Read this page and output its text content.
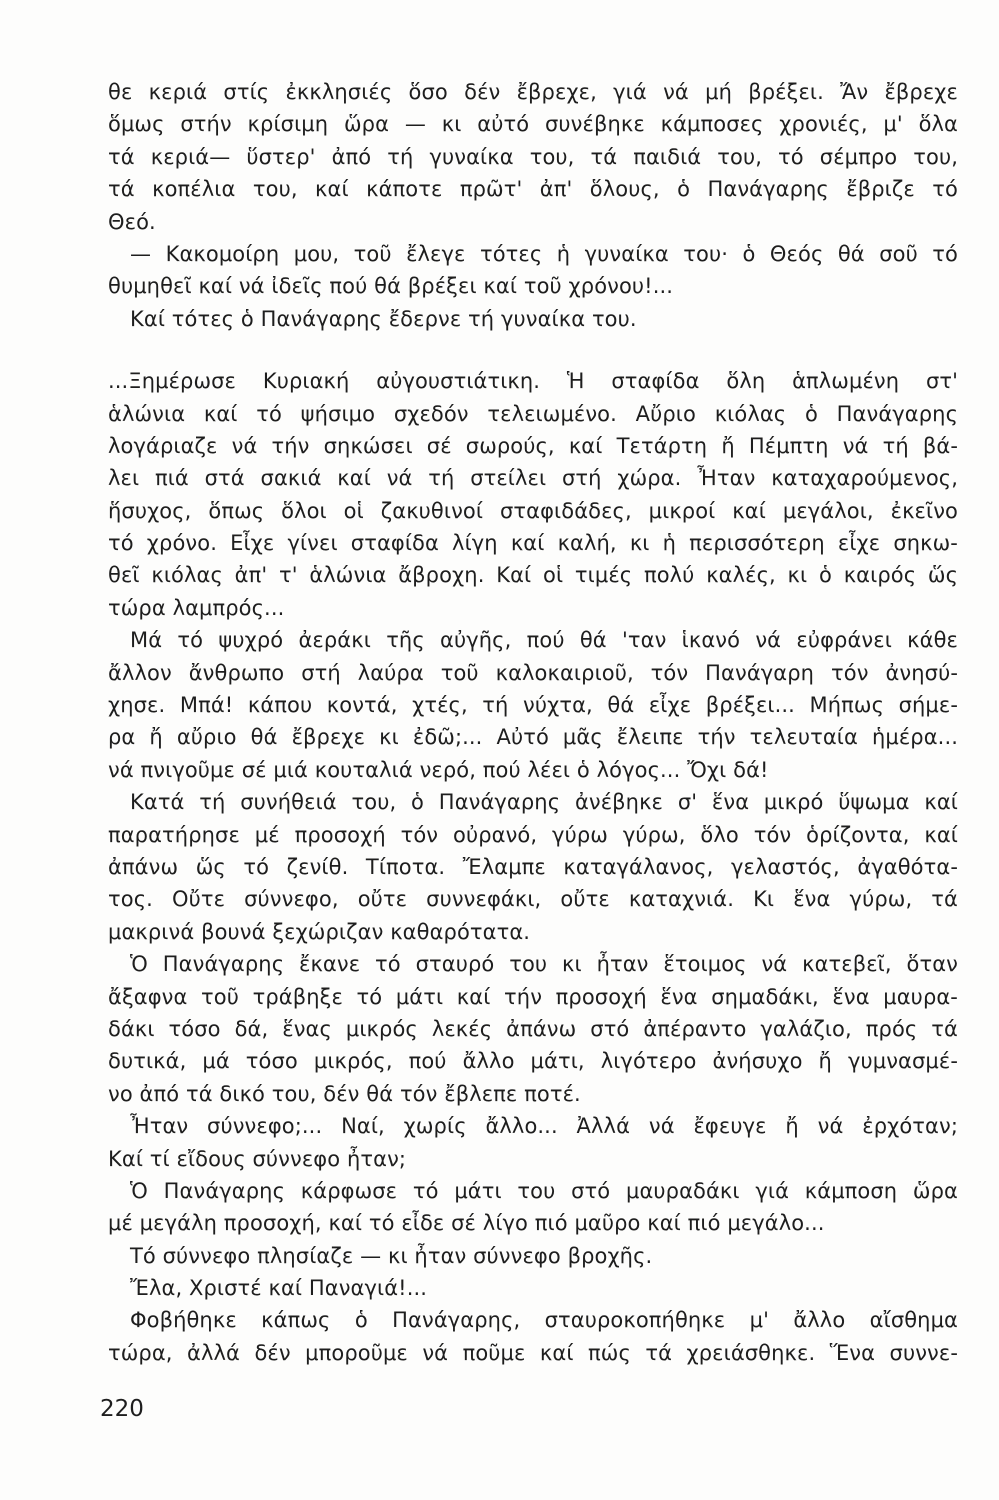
θε κεριά στίς ἐκκλησιές ὅσο δέν ἔβρεχε, γιά νά μή βρέξει. Ἄν ἔβρεχε
ὅμως στήν κρίσιμη ὥρα — κι αὐτό συνέβηκε κάμποσες χρονιές, μ' ὅλα
τά κεριά— ὕστερ' ἀπό τή γυναίκα του, τά παιδιά του, τό σέμπρο του,
τά κοπέλια του, καί κάποτε πρῶτ' ἀπ' ὅλους, ὁ Πανάγαρης ἔβριζε τό
Θεό.
— Κακομοίρη μου, τοῦ ἔλεγε τότες ἡ γυναίκα του· ὁ Θεός θά σοῦ τό
θυμηθεῖ καί νά ἰδεῖς πού θά βρέξει καί τοῦ χρόνου!...
Καί τότες ὁ Πανάγαρης ἔδερνε τή γυναίκα του.
...Ξημέρωσε Κυριακή αὐγουστιάτικη. Ἡ σταφίδα ὅλη ἁπλωμένη στ'
ἁλώνια καί τό ψήσιμο σχεδόν τελειωμένο. Αὔριο κιόλας ὁ Πανάγαρης
λογάριαζε νά τήν σηκώσει σέ σωρούς, καί Τετάρτη ἤ Πέμπτη νά τή βά-
λει πιά στά σακιά καί νά τή στείλει στή χώρα. Ἦταν καταχαρούμενος,
ἥσυχος, ὅπως ὅλοι οἱ ζακυθινοί σταφιδάδες, μικροί καί μεγάλοι, ἐκεῖνο
τό χρόνο. Εἶχε γίνει σταφίδα λίγη καί καλή, κι ἡ περισσότερη εἶχε σηκω-
θεῖ κιόλας ἀπ' τ' ἁλώνια ἄβροχη. Καί οἱ τιμές πολύ καλές, κι ὁ καιρός ὥς
τώρα λαμπρός...
Μά τό ψυχρό ἀεράκι τῆς αὐγῆς, πού θά 'ταν ἱκανό νά εὐφράνει κάθε
ἄλλον ἄνθρωπο στή λαύρα τοῦ καλοκαιριοῦ, τόν Πανάγαρη τόν ἀνησύ-
χησε. Μπά! κάπου κοντά, χτές, τή νύχτα, θά εἶχε βρέξει... Μήπως σήμε-
ρα ἤ αὔριο θά ἔβρεχε κι ἐδῶ;... Αὐτό μᾶς ἔλειπε τήν τελευταία ἡμέρα...
νά πνιγοῦμε σέ μιά κουταλιά νερό, πού λέει ὁ λόγος... Ὄχι δά!
Κατά τή συνήθειά του, ὁ Πανάγαρης ἀνέβηκε σ' ἕνα μικρό ὕψωμα καί
παρατήρησε μέ προσοχή τόν οὐρανό, γύρω γύρω, ὅλο τόν ὁρίζοντα, καί
ἀπάνω ὥς τό ζενίθ. Τίποτα. Ἔλαμπε καταγάλανος, γελαστός, ἀγαθότα-
τος. Οὔτε σύννεφο, οὔτε συννεφάκι, οὔτε καταχνιά. Κι ἕνα γύρω, τά
μακρινά βουνά ξεχώριζαν καθαρότατα.
Ὁ Πανάγαρης ἔκανε τό σταυρό του κι ἦταν ἕτοιμος νά κατεβεῖ, ὅταν
ἄξαφνα τοῦ τράβηξε τό μάτι καί τήν προσοχή ἕνα σημαδάκι, ἕνα μαυρα-
δάκι τόσο δά, ἕνας μικρός λεκές ἀπάνω στό ἀπέραντο γαλάζιο, πρός τά
δυτικά, μά τόσο μικρός, πού ἄλλο μάτι, λιγότερο ἀνήσυχο ἤ γυμνασμέ-
νο ἀπό τά δικό του, δέν θά τόν ἔβλεπε ποτέ.
Ἦταν σύννεφο;... Ναί, χωρίς ἄλλο... Ἀλλά νά ἔφευγε ἤ νά ἐρχόταν;
Καί τί εἴδους σύννεφο ἦταν;
Ὁ Πανάγαρης κάρφωσε τό μάτι του στό μαυραδάκι γιά κάμποση ὥρα
μέ μεγάλη προσοχή, καί τό εἶδε σέ λίγο πιό μαῦρο καί πιό μεγάλο...
Τό σύννεφο πλησίαζε — κι ἦταν σύννεφο βροχῆς.
Ἔλα, Χριστέ καί Παναγιά!...
Φοβήθηκε κάπως ὁ Πανάγαρης, σταυροκοπήθηκε μ' ἄλλο αἴσθημα
τώρα, ἀλλά δέν μποροῦμε νά ποῦμε καί πώς τά χρειάσθηκε. Ἕνα συννε-
220
